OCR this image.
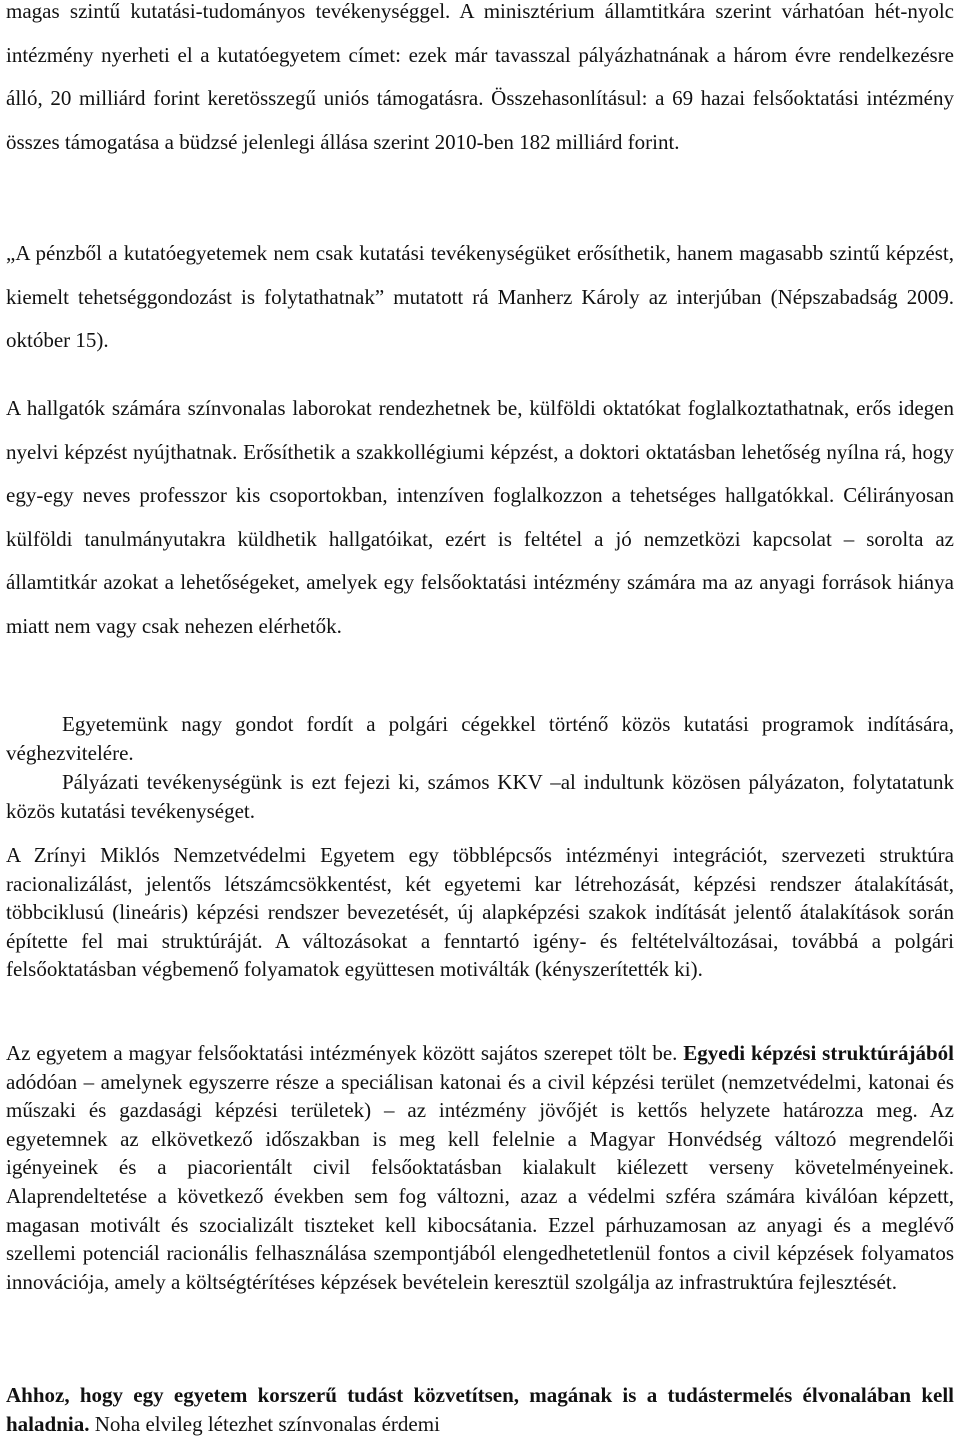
magas szintű kutatási-tudományos tevékenységgel. A minisztérium államtitkára szerint várhatóan hét-nyolc intézmény nyerheti el a kutatóegyetem címet: ezek már tavasszal pályázhatnának a három évre rendelkezésre álló, 20 milliárd forint keretösszegű uniós támogatásra. Összehasonlításul: a 69 hazai felsőoktatási intézmény összes támogatása a büdzsé jelenlegi állása szerint 2010-ben 182 milliárd forint.

„A pénzből a kutatóegyetemek nem csak kutatási tevékenységüket erősíthetik, hanem magasabb szintű képzést, kiemelt tehetséggondozást is folytathatnak” mutatott rá Manherz Károly az interjúban (Népszabadság 2009. október 15).

A hallgatók számára színvonalas laborokat rendezhetnek be, külföldi oktatókat foglalkoztathatnak, erős idegen nyelvi képzést nyújthatnak. Erősíthetik a szakkollégiumi képzést, a doktori oktatásban lehetőség nyílna rá, hogy egy-egy neves professzor kis csoportokban, intenzíven foglalkozzon a tehetséges hallgatókkal. Célirányosan külföldi tanulmányutakra küldhetik hallgatóikat, ezért is feltétel a jó nemzetközi kapcsolat – sorolta az államtitkár azokat a lehetőségeket, amelyek egy felsőoktatási intézmény számára ma az anyagi források hiánya miatt nem vagy csak nehezen elérhetők.

Egyetemünk nagy gondot fordít a polgári cégekkel történő közös kutatási programok indítására, véghezvitelére.

Pályázati tevékenységünk is ezt fejezi ki, számos KKV –al indultunk közösen pályázaton, folytatatunk közös kutatási tevékenységet.

A Zrínyi Miklós Nemzetvédelmi Egyetem egy többlépcsős intézményi integrációt, szervezeti struktúra racionalizálást, jelentős létszámcsökkentést, két egyetemi kar létrehozását, képzési rendszer átalakítását, többciklusú (lineáris) képzési rendszer bevezetését, új alapképzési szakok indítását jelentő átalakítások során építette fel mai struktúráját. A változásokat a fenntartó igény- és feltételváltozásai, továbbá a polgári felsőoktatásban végbemenő folyamatok együttesen motiválták (kényszerítették ki).

Az egyetem a magyar felsőoktatási intézmények között sajátos szerepet tölt be. Egyedi képzési struktúrájából adódóan – amelynek egyszerre része a speciálisan katonai és a civil képzési terület (nemzetvédelmi, katonai és műszaki és gazdasági képzési területek) – az intézmény jövőjét is kettős helyzete határozza meg. Az egyetemnek az elkövetkező időszakban is meg kell felelnie a Magyar Honvédség változó megrendelői igényeinek és a piacorientált civil felsőoktatásban kialakult kiélezett verseny követelményeinek. Alaprendeltetése a következő években sem fog változni, azaz a védelmi szféra számára kiválóan képzett, magasan motivált és szocializált tiszteket kell kibocsátania. Ezzel párhuzamosan az anyagi és a meglévő szellemi potenciál racionális felhasználása szempontjából elengedhetetlenül fontos a civil képzések folyamatos innovációja, amely a költségtérítéses képzések bevételein keresztül szolgálja az infrastruktúra fejlesztését.

Ahhoz, hogy egy egyetem korszerű tudást közvetítsen, magának is a tudástermelés élvonalában kell haladnia. Noha elvileg létezhet színvonalas érdemi
